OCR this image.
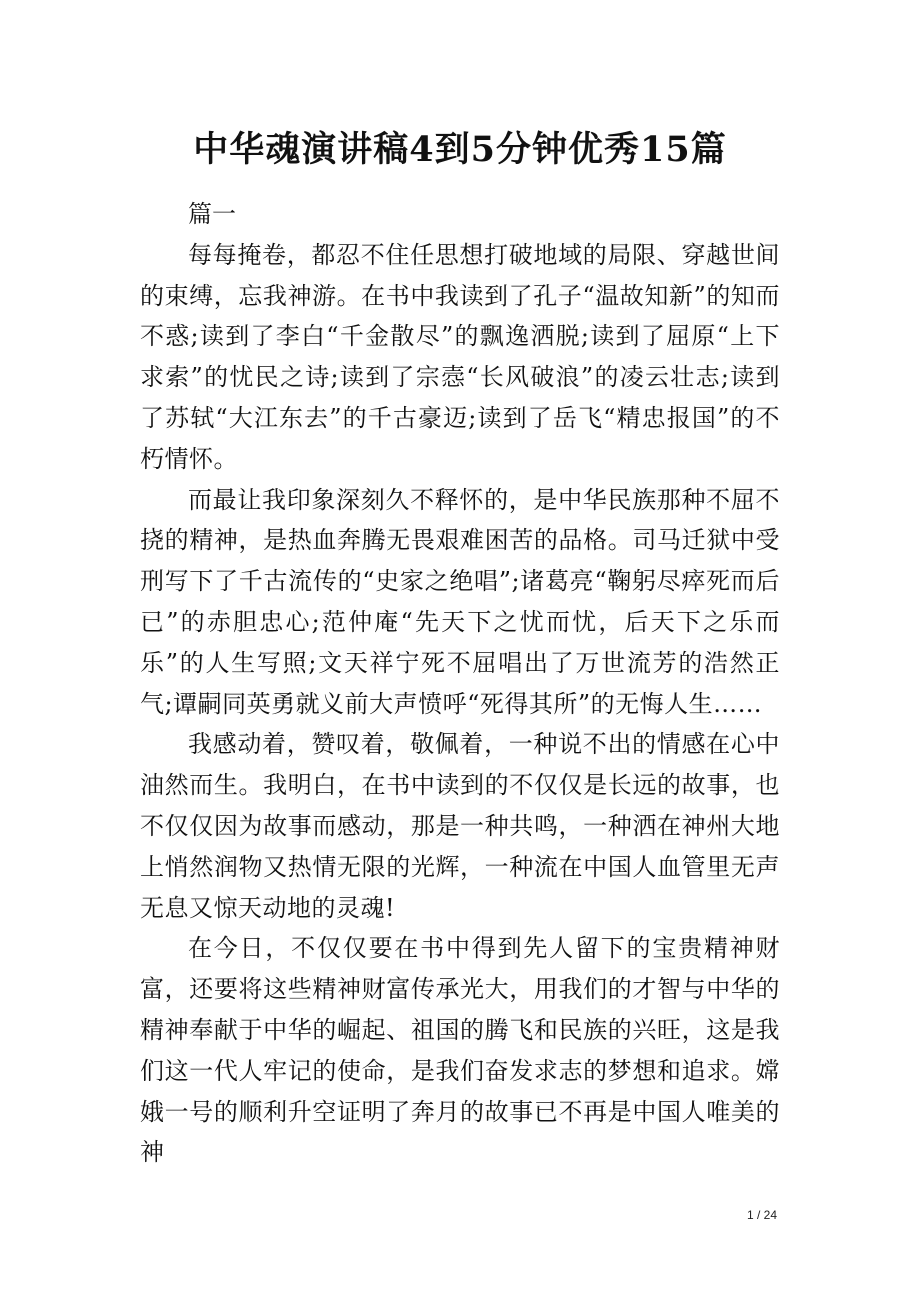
中华魂演讲稿4到5分钟优秀15篇

篇一

每每掩卷，都忍不住任思想打破地域的局限、穿越世间的束缚，忘我神游。在书中我读到了孔子“温故知新”的知而不惑;读到了李白“千金散尽”的飘逸洒脱;读到了屈原“上下求索”的忧民之诗;读到了宗悫“长风破浪”的凌云壮志;读到了苏轼“大江东去”的千古豪迈;读到了岳飞“精忠报国”的不朽情怀。

而最让我印象深刻久不释怀的，是中华民族那种不屈不挠的精神，是热血奔腾无畏艰难困苦的品格。司马迁狱中受刑写下了千古流传的“史家之绝唱”;诸葛亮“鞠躬尽瘁死而后已”的赤胆忠心;范仲庵“先天下之忧而忧，后天下之乐而乐”的人生写照;文天祥宁死不屈唱出了万世流芳的浩然正气;谭嗣同英勇就义前大声愤呼“死得其所”的无悔人生……

我感动着，赞叹着，敬佩着，一种说不出的情感在心中油然而生。我明白，在书中读到的不仅仅是长远的故事，也不仅仅因为故事而感动，那是一种共鸣，一种洒在神州大地上悄然润物又热情无限的光辉，一种流在中国人血管里无声无息又惊天动地的灵魂!

在今日，不仅仅要在书中得到先人留下的宝贵精神财富，还要将这些精神财富传承光大，用我们的才智与中华的精神奉献于中华的崛起、祖国的腾飞和民族的兴旺，这是我们这一代人牢记的使命，是我们奋发求志的梦想和追求。嫦娥一号的顺利升空证明了奔月的故事已不再是中国人唯美的神

1 / 24
